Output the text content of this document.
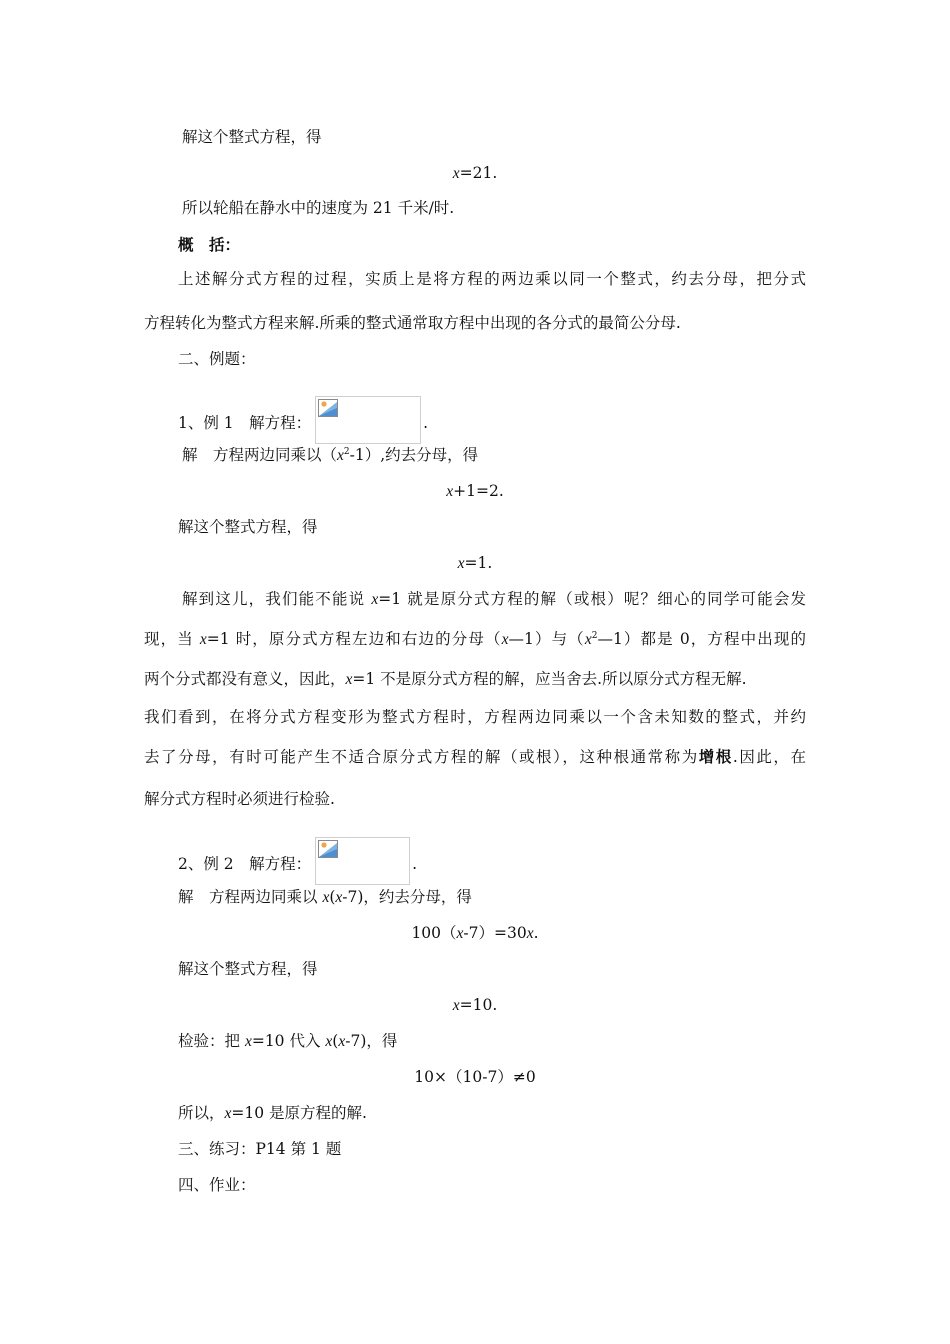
解这个整式方程，得

x=21.

所以轮船在静水中的速度为 21 千米/时.

概　括：

上述解分式方程的过程，实质上是将方程的两边乘以同一个整式，约去分母，把分式

方程转化为整式方程来解.所乘的整式通常取方程中出现的各分式的最简公分母.

二、例题：

1、例 1　解方程：	.

解　方程两边同乘以$(x^2-1)$,约去分母，得

x+1=2.

解这个整式方程，得

x=1.

解到这儿，我们能不能说 x=1 就是原分式方程的解（或根）呢？细心的同学可能会发

现，当 x=1 时，原分式方程左边和右边的分母（x—1）与$(x^2—1)$都是 0，方程中出现的

两个分式都没有意义，因此，x=1 不是原分式方程的解，应当舍去.所以原分式方程无解.

我们看到，在将分式方程变形为整式方程时，方程两边同乘以一个含未知数的整式，并约

去了分母，有时可能产生不适合原分式方程的解（或根），这种根通常称为增根.因此，在

解分式方程时必须进行检验.

2、例 2　解方程：	.

解　方程两边同乘以 x(x-7)，约去分母，得

100（x-7）=30x.

解这个整式方程，得

x=10.

检验：把 x=10 代入 x(x-7)，得

10×（10-7）≠0

所以，x=10 是原方程的解.

三、练习：P14 第 1 题

四、作业：
